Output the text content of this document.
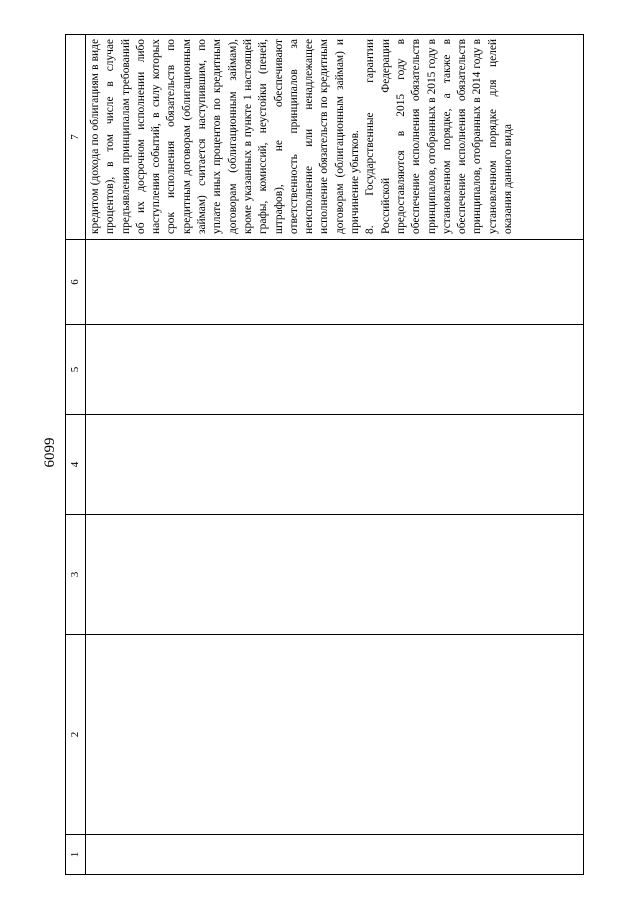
6099

1	2	3	4	5	6	7

						кредитом (дохода по облигациям в виде процентов), в том числе в случае предъявления принципалам требований об их досрочном исполнении либо наступления событий, в силу которых срок исполнения обязательств по кредитным договорам (облигационным займам) считается наступившим, по уплате иных процентов по кредитным договорам (облигационным займам), кроме указанных в пункте 1 настоящей графы, комиссий, неустойки (пеней, штрафов), не обеспечивают ответственность принципалов за неисполнение или ненадлежащее исполнение обязательств по кредитным договорам (облигационным займам) и причинение убытков. 8. Государственные гарантии Российской Федерации предоставляются в 2015 году в обеспечение исполнения обязательств принципалов, отобранных в 2015 году в установленном порядке, а также в обеспечение исполнения обязательств принципалов, отобранных в 2014 году в установленном порядке для целей оказания данного вида
